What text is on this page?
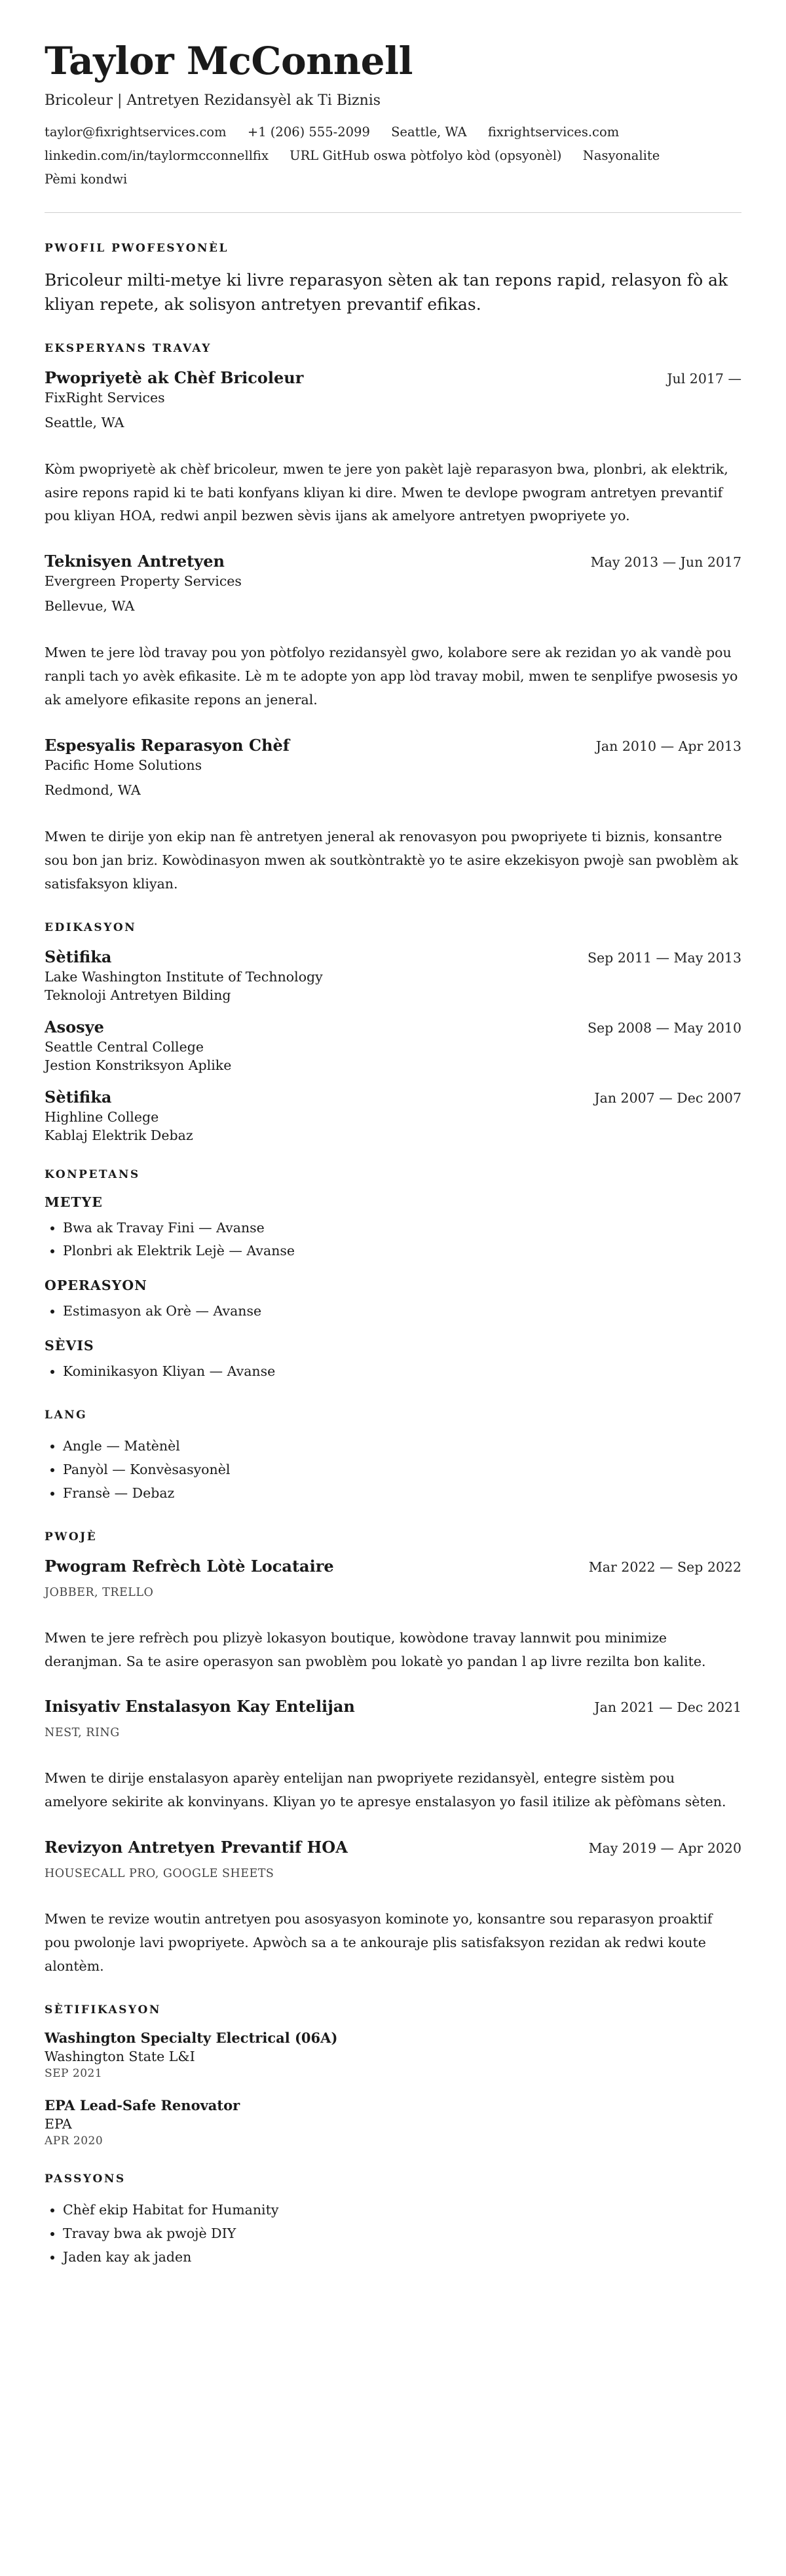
Taylor McConnell
Bricoleur | Antretyen Rezidansyèl ak Ti Biznis
taylor@fixrightservices.com +1 (206) 555-2099 Seattle, WA fixrightservices.com linkedin.com/in/taylormcconnellfix URL GitHub oswa pòtfolyo kòd (opsyonèl) Nasyonalite Pèmi kondwi
PWOFIL PWOFESYONÈL

Bricoleur milti-metye ki livre reparasyon sèten ak tan repons rapid, relasyon fò ak kliyan repete, ak solisyon antretyen prevantif efikas.

EKSPERYANS TRAVAY
Pwopriyetè ak Chèf Bricoleur	Jul 2017 —
FixRight Services
Seattle, WA
Kòm pwopriyetè ak chèf bricoleur, mwen te jere yon pakèt lajè reparasyon bwa, plonbri, ak elektrik, asire repons rapid ki te bati konfyans kliyan ki dire. Mwen te devlope pwogram antretyen prevantif pou kliyan HOA, redwi anpil bezwen sèvis ijans ak amelyore antretyen pwopriyete yo.
Teknisyen Antretyen	May 2013 — Jun 2017
Evergreen Property Services
Bellevue, WA
Mwen te jere lòd travay pou yon pòtfolyo rezidansyèl gwo, kolabore sere ak rezidan yo ak vandè pou ranpli tach yo avèk efikasite. Lè m te adopte yon app lòd travay mobil, mwen te senplifye pwosesis yo ak amelyore efikasite repons an jeneral.
Espesyalis Reparasyon Chèf	Jan 2010 — Apr 2013
Pacific Home Solutions
Redmond, WA
Mwen te dirije yon ekip nan fè antretyen jeneral ak renovasyon pou pwopriyete ti biznis, konsantre sou bon jan briz. Kowòdinasyon mwen ak soutkòntraktè yo te asire ekzekisyon pwojè san pwoblèm ak satisfaksyon kliyan.
EDIKASYON
Sètifika	Sep 2011 — May 2013
Lake Washington Institute of Technology
Teknoloji Antretyen Bilding
Asosye	Sep 2008 — May 2010
Seattle Central College
Jestion Konstriksyon Aplike
Sètifika	Jan 2007 — Dec 2007
Highline College
Kablaj Elektrik Debaz
KONPETANS
METYE
• Bwa ak Travay Fini — Avanse
• Plonbri ak Elektrik Lejè — Avanse
OPERASYON
• Estimasyon ak Orè — Avanse
SÈVIS
• Kominikasyon Kliyan — Avanse
LANG
• Angle — Matènèl
• Panyòl — Konvèsasyonèl
• Fransè — Debaz
PWOJÈ
Pwogram Refrèch Lòtè Locataire	Mar 2022 — Sep 2022
JOBBER, TRELLO
Mwen te jere refrèch pou plizyè lokasyon boutique, kowòdone travay lannwit pou minimize deranjman. Sa te asire operasyon san pwoblèm pou lokatè yo pandan l ap livre rezilta bon kalite.
Inisyativ Enstalasyon Kay Entelijan	Jan 2021 — Dec 2021
NEST, RING
Mwen te dirije enstalasyon aparèy entelijan nan pwopriyete rezidansyèl, entegre sistèm pou amelyore sekirite ak konvinyans. Kliyan yo te apresye enstalasyon yo fasil itilize ak pèfòmans sèten.
Revizyon Antretyen Prevantif HOA	May 2019 — Apr 2020
HOUSECALL PRO, GOOGLE SHEETS
Mwen te revize woutin antretyen pou asosyasyon kominote yo, konsantre sou reparasyon proaktif pou pwolonje lavi pwopriyete. Apwòch sa a te ankouraje plis satisfaksyon rezidan ak redwi koute alontèm.
SÈTIFIKASYON
Washington Specialty Electrical (06A)
Washington State L&I
SEP 2021
EPA Lead-Safe Renovator
EPA
APR 2020
PASSYONS
• Chèf ekip Habitat for Humanity
• Travay bwa ak pwojè DIY
• Jaden kay ak jaden
